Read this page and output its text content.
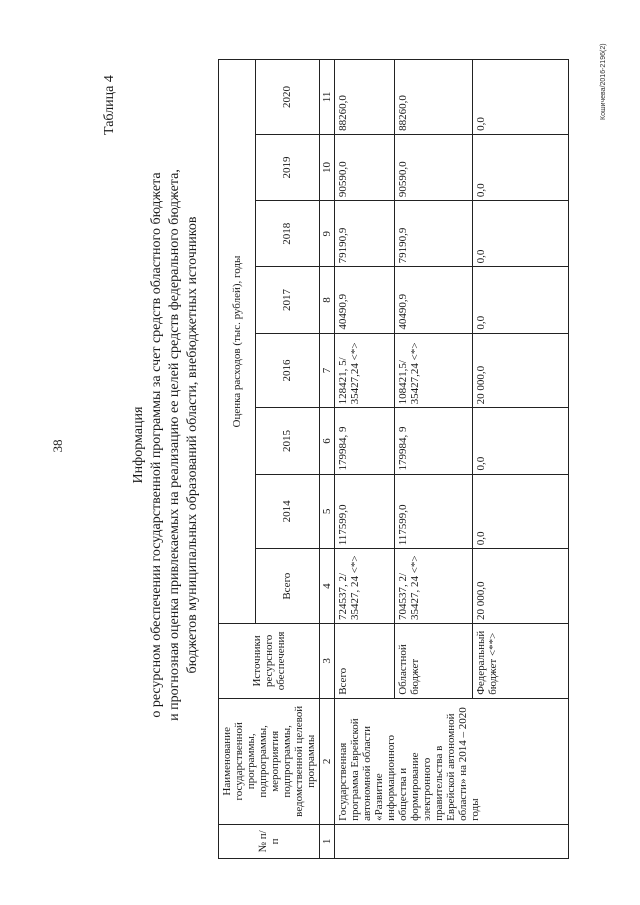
38
Таблица 4	Кошичева/2016-2196(2)
Информация о ресурсном обеспечении государственной программы за счет средств областного бюджета и прогнозная оценка привлекаемых на реализацию ее целей средств федерального бюджета, бюджетов муниципальных образований области, внебюджетных источников
№ п/п	Наименование государственной программы, подпрограммы, мероприятия подпрограммы, ведомственной целевой программы	Источники ресурсного обеспечения	Оценка расходов (тыс. рублей), годы							
			Всего	2014	2015	2016	2017	2018	2019	2020
1	2	3	4	5	6	7	8	9	10	11
	Государственная программа Еврейской автономной области «Развитие информационного общества и формирование электронного правительства в Еврейской автономной области» на 2014 – 2020 годы	Всего	724537, 2/ 35427, 24 <*>	117599,0	179984, 9	128421, 5/ 35427,24 <*>	40490,9	79190,9	90590,0	88260,0
		Областной бюджет	704537, 2/ 35427, 24 <*>	117599,0	179984, 9	108421,5/ 35427,24 <*>	40490,9	79190,9	90590,0	88260,0
		Федеральный бюджет <**>	20 000,0	0,0	0,0	20 000,0	0,0	0,0	0,0	0,0
